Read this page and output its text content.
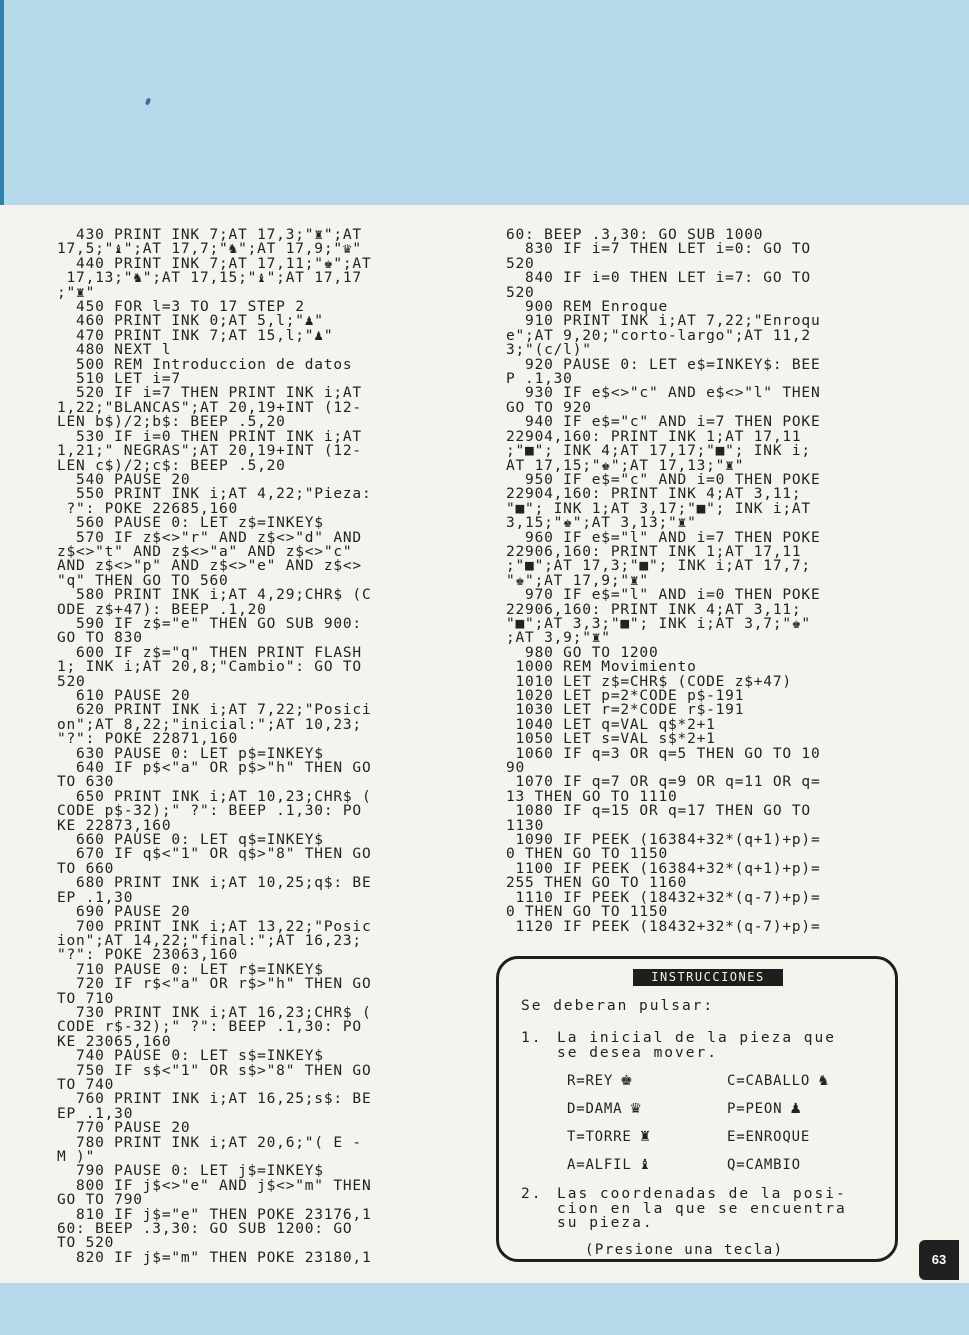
430 PRINT INK 7;AT 17,3;"♜";AT
17,5;"♝";AT 17,7;"♞";AT 17,9;"♛"
440 PRINT INK 7;AT 17,11;"♚";AT
17,13;"♞";AT 17,15;"♝";AT 17,17
;"♜"
450 FOR l=3 TO 17 STEP 2
460 PRINT INK 0;AT 5,l;"♟"
470 PRINT INK 7;AT 15,l;"♟"
480 NEXT l
500 REM Introduccion de datos
510 LET i=7
520 IF i=7 THEN PRINT INK i;AT
1,22;"BLANCAS";AT 20,19+INT (12-
LEN b$)/2;b$: BEEP .5,20
530 IF i=0 THEN PRINT INK i;AT
1,21;" NEGRAS";AT 20,19+INT (12-
LEN c$)/2;c$: BEEP .5,20
540 PAUSE 20
550 PRINT INK i;AT 4,22;"Pieza:
?": POKE 22685,160
560 PAUSE 0: LET z$=INKEY$
570 IF z$<>"r" AND z$<>"d" AND
z$<>"t" AND z$<>"a" AND z$<>"c"
AND z$<>"p" AND z$<>"e" AND z$<>
"q" THEN GO TO 560
580 PRINT INK i;AT 4,29;CHR$ (C
ODE z$+47): BEEP .1,20
590 IF z$="e" THEN GO SUB 900:
GO TO 830
600 IF z$="q" THEN PRINT FLASH
1; INK i;AT 20,8;"Cambio": GO TO
520
610 PAUSE 20
620 PRINT INK i;AT 7,22;"Posici
on";AT 8,22;"inicial:";AT 10,23;
"?": POKE 22871,160
630 PAUSE 0: LET p$=INKEY$
640 IF p$<"a" OR p$>"h" THEN GO
TO 630
650 PRINT INK i;AT 10,23;CHR$ (
CODE p$-32);" ?": BEEP .1,30: PO
KE 22873,160
660 PAUSE 0: LET q$=INKEY$
670 IF q$<"1" OR q$>"8" THEN GO
TO 660
680 PRINT INK i;AT 10,25;q$: BE
EP .1,30
690 PAUSE 20
700 PRINT INK i;AT 13,22;"Posic
ion";AT 14,22;"final:";AT 16,23;
"?": POKE 23063,160
710 PAUSE 0: LET r$=INKEY$
720 IF r$<"a" OR r$>"h" THEN GO
TO 710
730 PRINT INK i;AT 16,23;CHR$ (
CODE r$-32);" ?": BEEP .1,30: PO
KE 23065,160
740 PAUSE 0: LET s$=INKEY$
750 IF s$<"1" OR s$>"8" THEN GO
TO 740
760 PRINT INK i;AT 16,25;s$: BE
EP .1,30
770 PAUSE 20
780 PRINT INK i;AT 20,6;"( E -
M )"
790 PAUSE 0: LET j$=INKEY$
800 IF j$<>"e" AND j$<>"m" THEN
GO TO 790
810 IF j$="e" THEN POKE 23176,1
60: BEEP .3,30: GO SUB 1200: GO
TO 520
820 IF j$="m" THEN POKE 23180,1
60: BEEP .3,30: GO SUB 1000
830 IF i=7 THEN LET i=0: GO TO
520
840 IF i=0 THEN LET i=7: GO TO
520
900 REM Enroque
910 PRINT INK i;AT 7,22;"Enroqu
e";AT 9,20;"corto-largo";AT 11,2
3;"(c/l)"
920 PAUSE 0: LET e$=INKEY$: BEE
P .1,30
930 IF e$<>"c" AND e$<>"l" THEN
GO TO 920
940 IF e$="c" AND i=7 THEN POKE
22904,160: PRINT INK 1;AT 17,11
;"■"; INK 4;AT 17,17;"■"; INK i;
AT 17,15;"♚";AT 17,13;"♜"
950 IF e$="c" AND i=0 THEN POKE
22904,160: PRINT INK 4;AT 3,11;
"■"; INK 1;AT 3,17;"■"; INK i;AT
3,15;"♚";AT 3,13;"♜"
960 IF e$="l" AND i=7 THEN POKE
22906,160: PRINT INK 1;AT 17,11
;"■";AT 17,3;"■"; INK i;AT 17,7;
"♚";AT 17,9;"♜"
970 IF e$="l" AND i=0 THEN POKE
22906,160: PRINT INK 4;AT 3,11;
"■";AT 3,3;"■"; INK i;AT 3,7;"♚"
;AT 3,9;"♜"
980 GO TO 1200
1000 REM Movimiento
1010 LET z$=CHR$ (CODE z$+47)
1020 LET p=2*CODE p$-191
1030 LET r=2*CODE r$-191
1040 LET q=VAL q$*2+1
1050 LET s=VAL s$*2+1
1060 IF q=3 OR q=5 THEN GO TO 10
90
1070 IF q=7 OR q=9 OR q=11 OR q=
13 THEN GO TO 1110
1080 IF q=15 OR q=17 THEN GO TO
1130
1090 IF PEEK (16384+32*(q+1)+p)=
0 THEN GO TO 1150
1100 IF PEEK (16384+32*(q+1)+p)=
255 THEN GO TO 1160
1110 IF PEEK (18432+32*(q-7)+p)=
0 THEN GO TO 1150
1120 IF PEEK (18432+32*(q-7)+p)=
INSTRUCCIONES
Se deberan pulsar:
1. La inicial de la pieza que
se desea mover.
R=REY ♚	C=CABALLO ♞
D=DAMA ♛	P=PEON ♟
T=TORRE ♜	E=ENROQUE
A=ALFIL ♝	Q=CAMBIO
2. Las coordenadas de la posi-
cion en la que se encuentra
su pieza.
(Presione una tecla)
63
